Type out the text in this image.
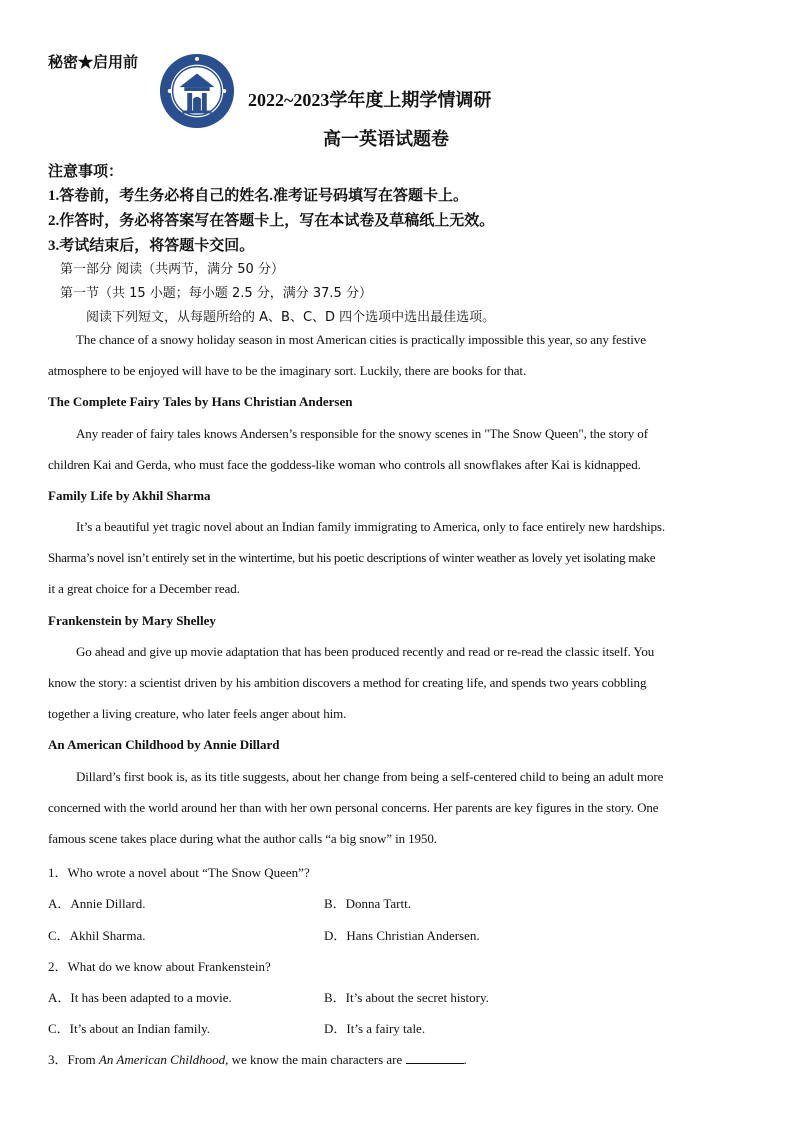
秘密★启用前
2022~2023学年度上期学情调研
高一英语试题卷
注意事项：
1.答卷前，考生务必将自己的姓名.准考证号码填写在答题卡上。
2.作答时，务必将答案写在答题卡上，写在本试卷及草稿纸上无效。
3.考试结束后，将答题卡交回。
第一部分 阅读（共两节，满分 50 分）
第一节（共 15 小题；每小题 2.5 分，满分 37.5 分）
阅读下列短文，从每题所给的 A、B、C、D 四个选项中选出最佳选项。
The chance of a snowy holiday season in most American cities is practically impossible this year, so any festive
atmosphere to be enjoyed will have to be the imaginary sort. Luckily, there are books for that.
The Complete Fairy Tales by Hans Christian Andersen
Any reader of fairy tales knows Andersen’s responsible for the snowy scenes in "The Snow Queen", the story of
children Kai and Gerda, who must face the goddess-like woman who controls all snowflakes after Kai is kidnapped.
Family Life by Akhil Sharma
It’s a beautiful yet tragic novel about an Indian family immigrating to America, only to face entirely new hardships.
Sharma’s novel isn’t entirely set in the wintertime, but his poetic descriptions of winter weather as lovely yet isolating make
it a great choice for a December read.
Frankenstein by Mary Shelley
Go ahead and give up movie adaptation that has been produced recently and read or re-read the classic itself. You
know the story: a scientist driven by his ambition discovers a method for creating life, and spends two years cobbling
together a living creature, who later feels anger about him.
An American Childhood by Annie Dillard
Dillard’s first book is, as its title suggests, about her change from being a self-centered child to being an adult more
concerned with the world around her than with her own personal concerns. Her parents are key figures in the story. One
famous scene takes place during what the author calls “a big snow” in 1950.
1．Who wrote a novel about “The Snow Queen”?
A．Annie Dillard.	B．Donna Tartt.
C．Akhil Sharma.	D．Hans Christian Andersen.
2．What do we know about Frankenstein?
A．It has been adapted to a movie.	B．It’s about the secret history.
C．It’s about an Indian family.	D．It’s a fairy tale.
3．From An American Childhood, we know the main characters are	.
